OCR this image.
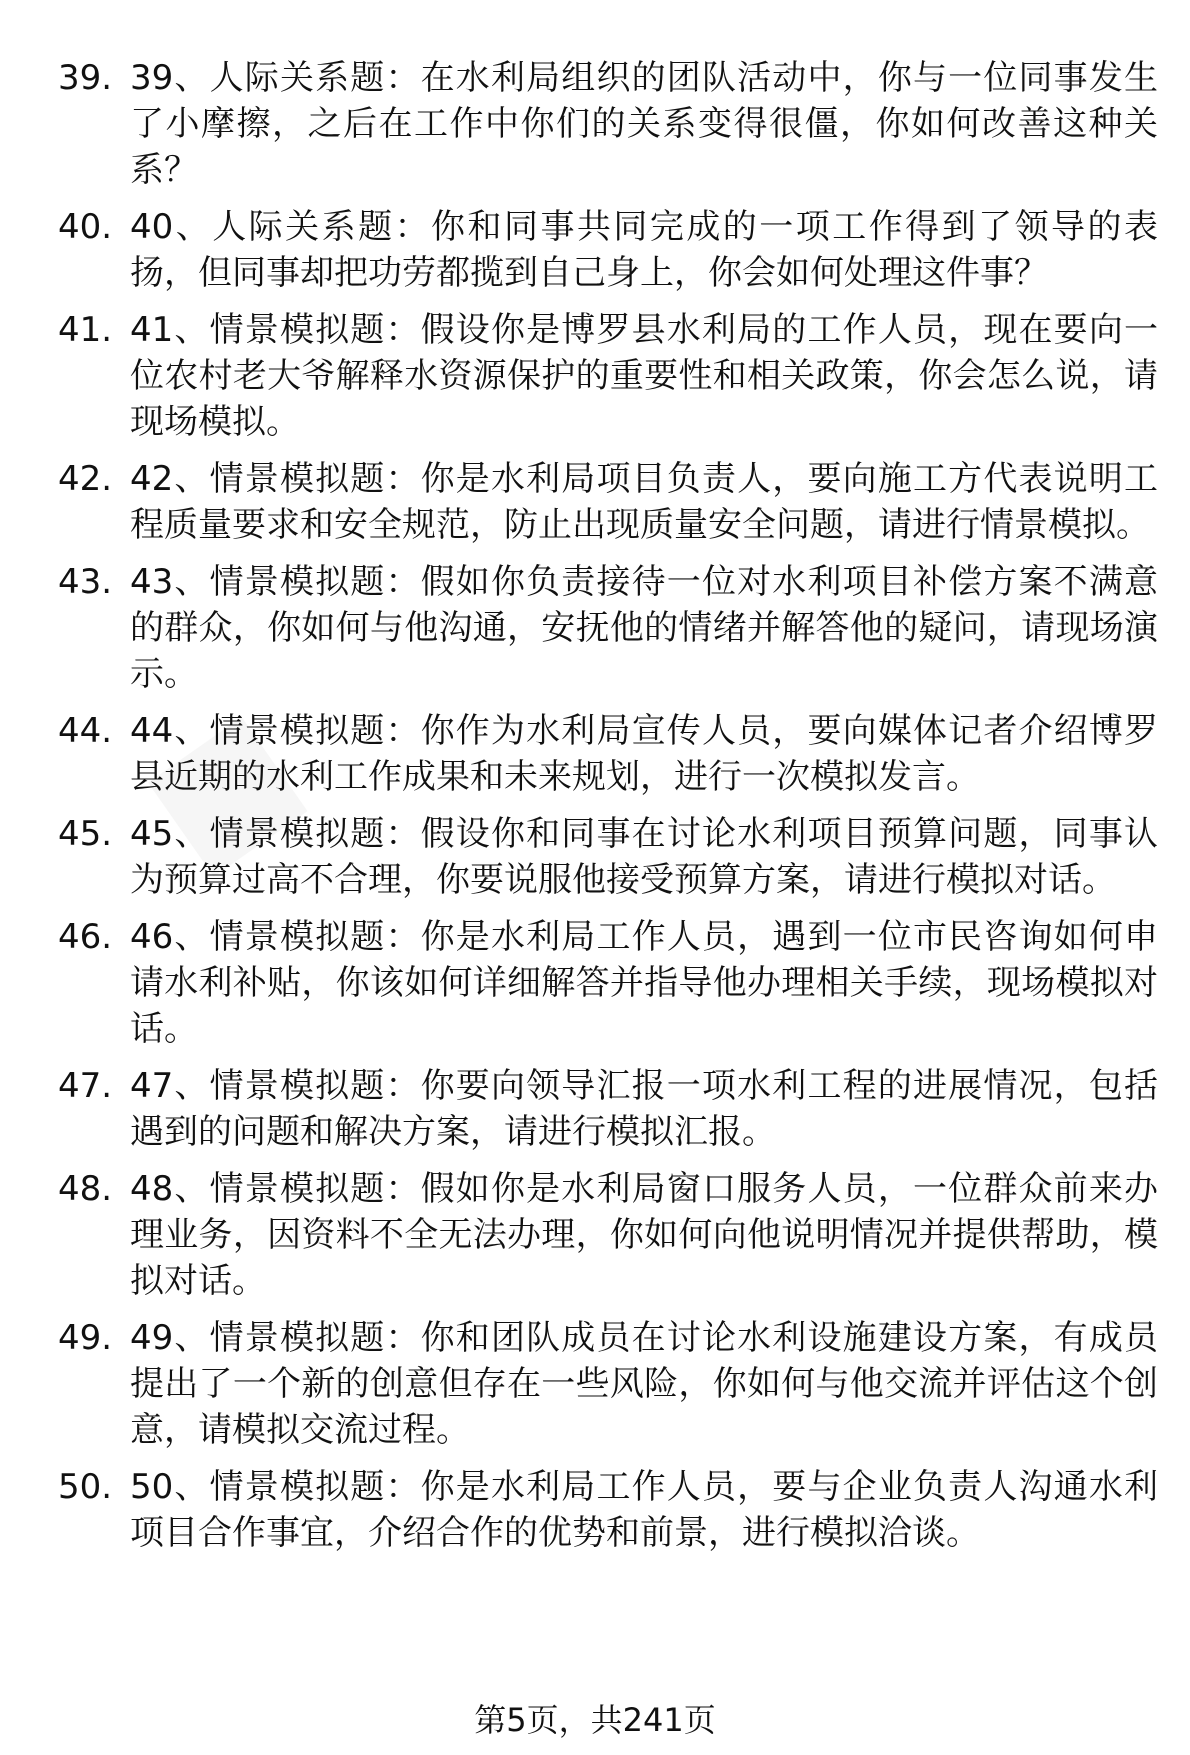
39. 39、人际关系题：在水利局组织的团队活动中，你与一位同事发生了小摩擦，之后在工作中你们的关系变得很僵，你如何改善这种关系？
40. 40、人际关系题：你和同事共同完成的一项工作得到了领导的表扬，但同事却把功劳都揽到自己身上，你会如何处理这件事？
41. 41、情景模拟题：假设你是博罗县水利局的工作人员，现在要向一位农村老大爷解释水资源保护的重要性和相关政策，你会怎么说，请现场模拟。
42. 42、情景模拟题：你是水利局项目负责人，要向施工方代表说明工程质量要求和安全规范，防止出现质量安全问题，请进行情景模拟。
43. 43、情景模拟题：假如你负责接待一位对水利项目补偿方案不满意的群众，你如何与他沟通，安抚他的情绪并解答他的疑问，请现场演示。
44. 44、情景模拟题：你作为水利局宣传人员，要向媒体记者介绍博罗县近期的水利工作成果和未来规划，进行一次模拟发言。
45. 45、情景模拟题：假设你和同事在讨论水利项目预算问题，同事认为预算过高不合理，你要说服他接受预算方案，请进行模拟对话。
46. 46、情景模拟题：你是水利局工作人员，遇到一位市民咨询如何申请水利补贴，你该如何详细解答并指导他办理相关手续，现场模拟对话。
47. 47、情景模拟题：你要向领导汇报一项水利工程的进展情况，包括遇到的问题和解决方案，请进行模拟汇报。
48. 48、情景模拟题：假如你是水利局窗口服务人员，一位群众前来办理业务，因资料不全无法办理，你如何向他说明情况并提供帮助，模拟对话。
49. 49、情景模拟题：你和团队成员在讨论水利设施建设方案，有成员提出了一个新的创意但存在一些风险，你如何与他交流并评估这个创意，请模拟交流过程。
50. 50、情景模拟题：你是水利局工作人员，要与企业负责人沟通水利项目合作事宜，介绍合作的优势和前景，进行模拟洽谈。
第5页，共241页
